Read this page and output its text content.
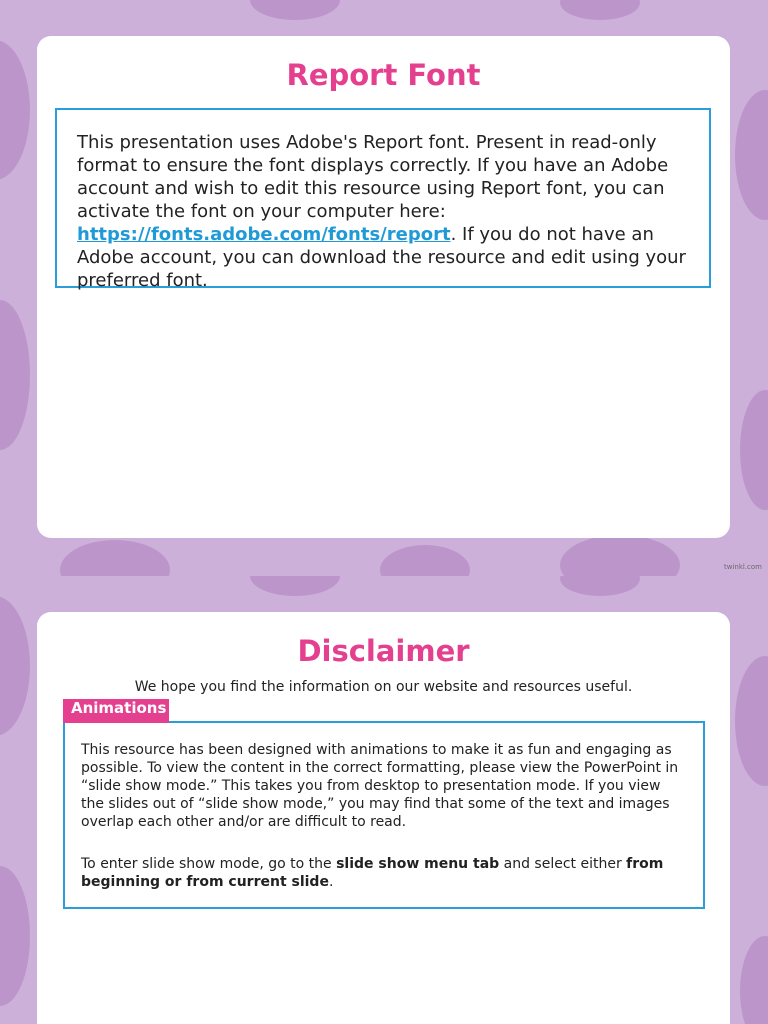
Report Font

This presentation uses Adobe's Report font. Present in read-only format to ensure the font displays correctly. If you have an Adobe account and wish to edit this resource using Report font, you can activate the font on your computer here: https://fonts.adobe.com/fonts/report. If you do not have an Adobe account, you can download the resource and edit using your preferred font.

twinkl.com
Disclaimer

We hope you find the information on our website and resources useful.

Animations

This resource has been designed with animations to make it as fun and engaging as possible. To view the content in the correct formatting, please view the PowerPoint in “slide show mode.” This takes you from desktop to presentation mode. If you view the slides out of “slide show mode,” you may find that some of the text and images overlap each other and/or are difficult to read.

To enter slide show mode, go to the slide show menu tab and select either from beginning or from current slide.
